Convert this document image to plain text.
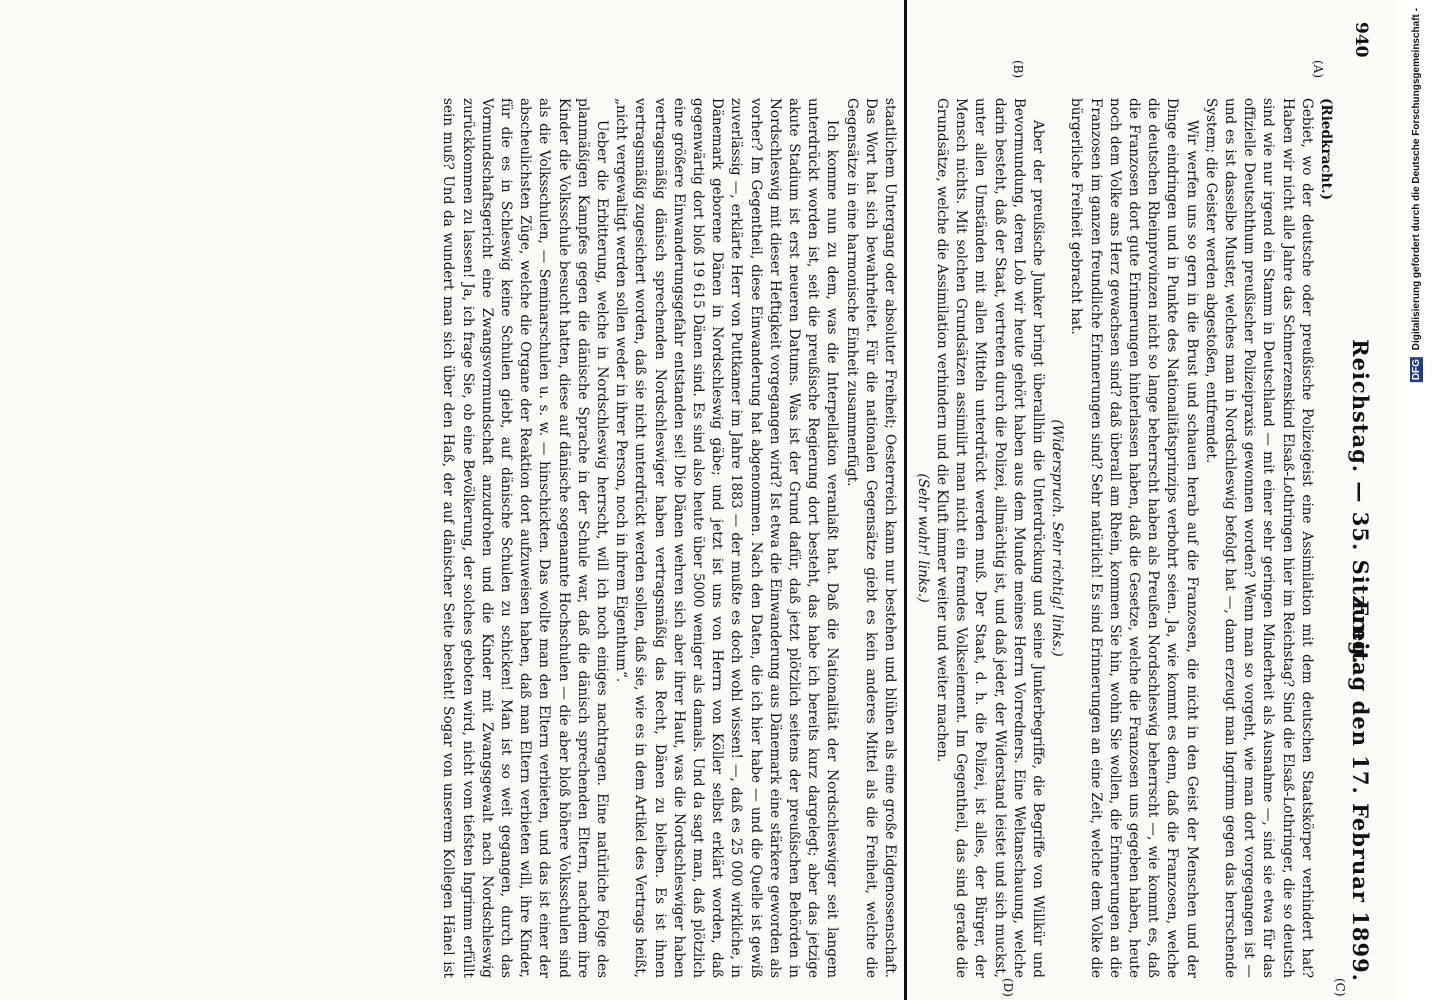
940
Reichstag. — 35. Sitzung.
Freitag den 17. Februar 1899.
(A)
(B)
(C)
(D)

(Riedkracht.)

Gebiet, wo der deutsche oder preußische Polizeigeist eine Assimilation mit dem deutschen Staatskörper verhindert hat? Haben wir nicht alle Jahre das Schmerzenskind Elsaß-Lothringen hier im Reichstag? Sind die Elsaß-Lothringer, die so deutsch sind wie nur irgend ein Stamm in Deutschland — mit einer sehr geringen Minderheit als Ausnahme —, sind sie etwa für das offizielle Deutschthum preußischer Polizeipraxis gewonnen worden? Wenn man so vorgeht, wie man dort vorgegangen ist — und es ist dasselbe Muster, welches man in Nordschleswig befolgt hat —, dann erzeugt man Ingrimm gegen das herrschende System; die Geister werden abgestoßen, entfremdet.

Wir werfen uns so gern in die Brust und schauen herab auf die Franzosen, die nicht in den Geist der Menschen und der Dinge eindringen und in Punkte des Nationalitätsprinzips verbohrt seien. Ja, wie kommt es denn, daß die Franzosen, welche die deutschen Rheinprovinzen nicht so lange beherrscht haben als Preußen Nordschleswig beherrscht —, wie kommt es, daß die Franzosen dort gute Erinnerungen hinterlassen haben, daß die Gesetze, welche die Franzosen uns gegeben haben, heute noch dem Volke ans Herz gewachsen sind? daß überall am Rhein, kommen Sie hin, wohin Sie wollen, die Erinnerungen an die Franzosen im ganzen freundliche Erinnerungen sind? Sehr natürlich! Es sind Erinnerungen an eine Zeit, welche dem Volke die bürgerliche Freiheit gebracht hat.

(Widerspruch. Sehr richtig! links.)

Aber der preußische Junker bringt überallhin die Unterdrückung und seine Junkerbegriffe, die Begriffe von Willkür und Bevormundung, deren Lob wir heute gehört haben aus dem Munde meines Herrn Vorredners. Eine Weltanschauung, welche darin besteht, daß der Staat, vertreten durch die Polizei, allmächtig ist, und daß jeder, der Widerstand leistet und sich muckst, unter allen Umständen mit allen Mitteln unterdrückt werden muß. Der Staat, d. h. die Polizei, ist alles, der Bürger, der Mensch nichts. Mit solchen Grundsätzen assimilirt man nicht ein fremdes Volkselement. Im Gegentheil, das sind gerade die Grundsätze, welche die Assimilation verhindern und die Kluft immer weiter und weiter machen.

(Sehr wahr! links.)

staatlichem Untergang oder absoluter Freiheit; Oesterreich kann nur bestehen und blühen als eine große Eidgenossenschaft. Das Wort hat sich bewahrheitet. Für die nationalen Gegensätze giebt es kein anderes Mittel als die Freiheit, welche die Gegensätze in eine harmonische Einheit zusammenfügt.

Ich komme nun zu dem, was die Interpellation veranlaßt hat. Daß die Nationalität der Nordschleswiger seit langem unterdrückt worden ist, seit die preußische Regierung dort besteht, das habe ich bereits kurz dargelegt; aber das jetzige akute Stadium ist erst neueren Datums. Was ist der Grund dafür, daß jetzt plötzlich seitens der preußischen Behörden in Nordschleswig mit dieser Heftigkeit vorgegangen wird? Ist etwa die Einwanderung aus Dänemark eine stärkere geworden als vorher? Im Gegentheil, diese Einwanderung hat abgenommen. Nach den Daten, die ich hier habe — und die Quelle ist gewiß zuverlässig —, erklärte Herr von Puttkamer im Jahre 1883 — der mußte es doch wohl wissen! —, daß es 25 000 wirkliche, in Dänemark geborene Dänen in Nordschleswig gäbe; und jetzt ist uns von Herrn von Köller selbst erklärt worden, daß gegenwärtig dort bloß 19 615 Dänen sind. Es sind also heute über 5000 weniger als damals. Und da sagt man, daß plötzlich eine größere Einwanderungsgefahr entstanden sei! Die Dänen wehren sich aber ihrer Haut, was die Nordschleswiger haben vertragsmäßig dänisch sprechenden Nordschleswiger haben vertragsmäßig das Recht, Dänen zu bleiben. Es ist ihnen vertragsmäßig zugesichert worden, daß sie nicht unterdrückt werden sollen, daß sie, wie es in dem Artikel des Vertrags heißt, „nicht vergewaltigt werden sollen weder in ihrer Person, noch in ihrem Eigenthum“.

Ueber die Erbitterung, welche in Nordschleswig herrscht, will ich noch einiges nachtragen. Eine natürliche Folge des planmäßigen Kampfes gegen die dänische Sprache in der Schule war, daß die dänisch sprechenden Eltern, nachdem ihre Kinder die Volksschule besucht hatten, diese auf dänische sogenannte Hochschulen — die aber bloß höhere Volksschulen sind als die Volksschulen, — Seminarschulen u. s. w. — hinschickten. Das wollte man den Eltern verbieten, und das ist einer der abscheulichsten Züge, welche die Organe der Reaktion dort aufzuweisen haben, daß man Eltern verbieten will, ihre Kinder, für die es in Schleswig keine Schulen giebt, auf dänische Schulen zu schicken! Man ist so weit gegangen, durch das Vormundschaftsgericht eine Zwangsvormundschaft anzudrohen und die Kinder mit Zwangsgewalt nach Nordschleswig zurückkommen zu lassen! Ja, ich frage Sie, ob eine Bevölkerung, der solches geboten wird, nicht vom tiefsten Ingrimm erfüllt sein muß? Und da wundert man sich über den Haß, der auf dänischer Seite besteht! Sogar von unserem Kollegen Hänel ist

DFG Digitalisierung gefördert durch die Deutsche Forschungsgemeinschaft -
